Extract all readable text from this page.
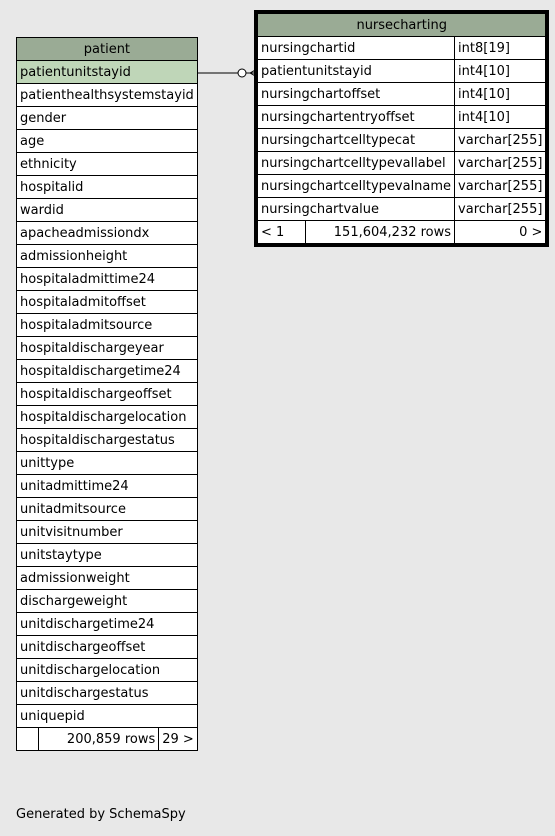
patient
patientunitstayid
patienthealthsystemstayid
gender
age
ethnicity
hospitalid
wardid
apacheadmissiondx
admissionheight
hospitaladmittime24
hospitaladmitoffset
hospitaladmitsource
hospitaldischargeyear
hospitaldischargetime24
hospitaldischargeoffset
hospitaldischargelocation
hospitaldischargestatus
unittype
unitadmittime24
unitadmitsource
unitvisitnumber
unitstaytype
admissionweight
dischargeweight
unitdischargetime24
unitdischargeoffset
unitdischargelocation
unitdischargestatus
uniquepid
	200,859 rows	29 >
nursecharting		
nursingchartid		int8[19]
patientunitstayid		int4[10]
nursingchartoffset		int4[10]
nursingchartentryoffset		int4[10]
nursingchartcelltypecat		varchar[255]
nursingchartcelltypevallabel		varchar[255]
nursingchartcelltypevalname		varchar[255]
nursingchartvalue		varchar[255]
< 1	151,604,232 rows	0 >
Generated by SchemaSpy
